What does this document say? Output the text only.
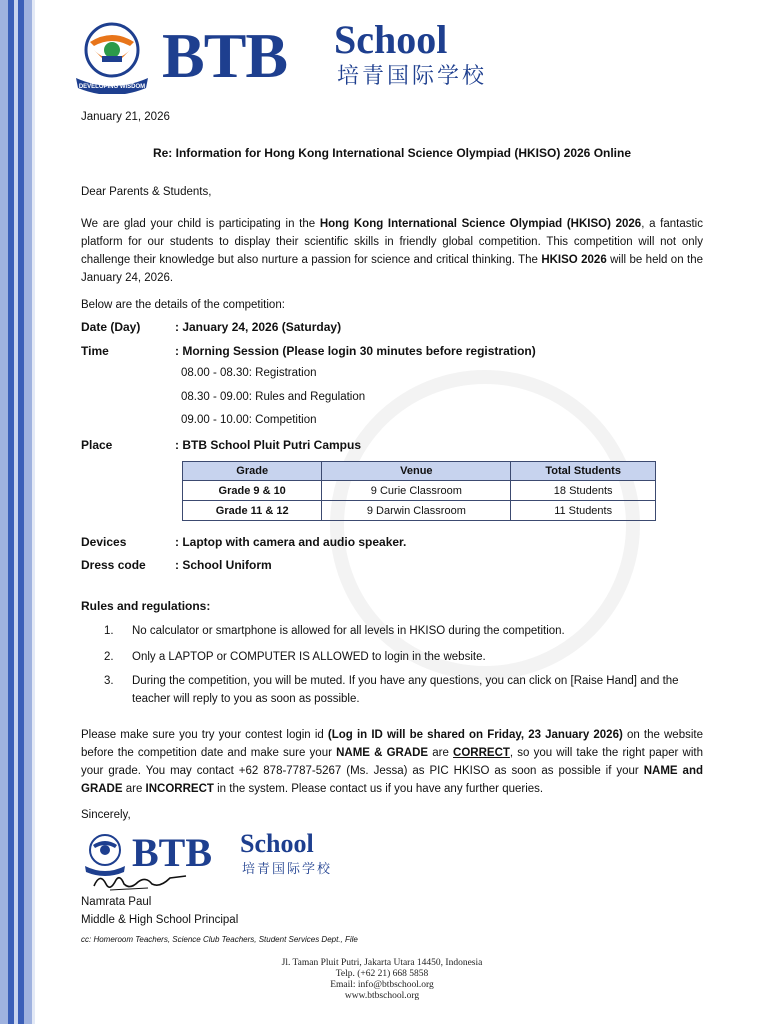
DEVELOPING WISDOM BTB School
培青国际学校
January 21, 2026
Re: Information for Hong Kong International Science Olympiad (HKISO) 2026 Online
Dear Parents & Students,
We are glad your child is participating in the Hong Kong International Science Olympiad (HKISO) 2026, a fantastic platform for our students to display their scientific skills in friendly global competition. This competition will not only challenge their knowledge but also nurture a passion for science and critical thinking. The HKISO 2026 will be held on the January 24, 2026.
Below are the details of the competition:
Date (Day)	: January 24, 2026 (Saturday)
Time	: Morning Session (Please login 30 minutes before registration)
08.00 - 08.30: Registration
08.30 - 09.00: Rules and Regulation
09.00 - 10.00: Competition
Place	: BTB School Pluit Putri Campus
Grade	Venue	Total Students
Grade 9 & 10	9 Curie Classroom	18 Students
Grade 11 & 12	9 Darwin Classroom	11 Students
Devices	: Laptop with camera and audio speaker.
Dress code : School Uniform
Rules and regulations:
1. No calculator or smartphone is allowed for all levels in HKISO during the competition.
2. Only a LAPTOP or COMPUTER IS ALLOWED to login in the website.
3. During the competition, you will be muted. If you have any questions, you can click on [Raise Hand] and the teacher will reply to you as soon as possible.
Please make sure you try your contest login id (Log in ID will be shared on Friday, 23 January 2026) on the website before the competition date and make sure your NAME & GRADE are CORRECT, so you will take the right paper with your grade. You may contact +62 878-7787-5267 (Ms. Jessa) as PIC HKISO as soon as possible if your NAME and GRADE are INCORRECT in the system. Please contact us if you have any further queries.
Sincerely,
BTB School
培青国际学校
Namrata Paul
Middle & High School Principal
cc: Homeroom Teachers, Science Club Teachers, Student Services Dept., File
Jl. Taman Pluit Putri, Jakarta Utara 14450, Indonesia
Telp. (+62 21) 668 5858
Email: info@btbschool.org
www.btbschool.org
